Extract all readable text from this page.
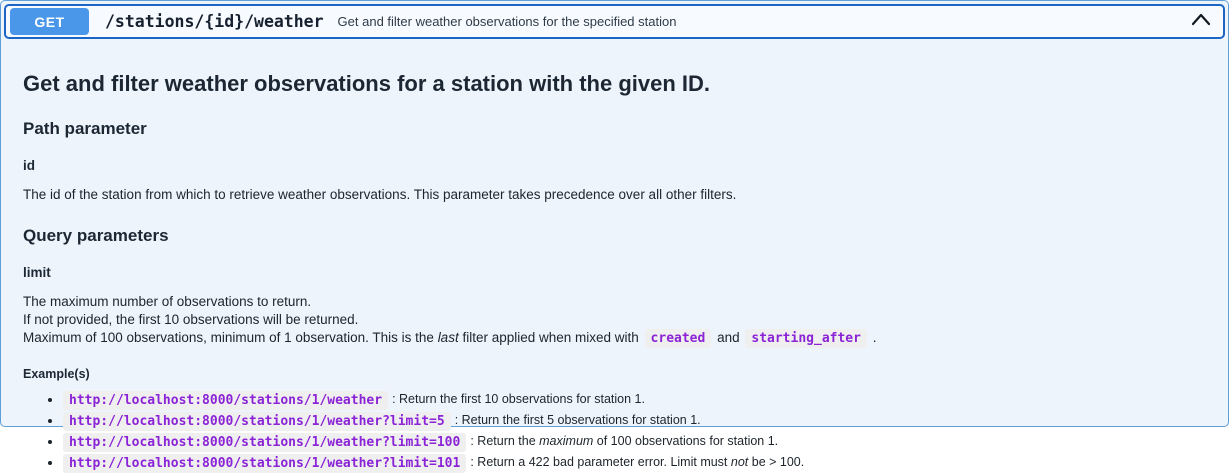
GET	/stations/{id}/weather Get and filter weather observations for the specified station
Get and filter weather observations for a station with the given ID.
Path parameter
id

The id of the station from which to retrieve weather observations. This parameter takes precedence over all other filters.

Query parameters
limit
The maximum number of observations to return.
If not provided, the first 10 observations will be returned.
Maximum of 100 observations, minimum of 1 observation. This is the last filter applied when mixed with created and starting_after .
Example(s)
http://localhost:8000/stations/1/weather : Return the first 10 observations for station 1.
http://localhost:8000/stations/1/weather?limit=5 : Return the first 5 observations for station 1.
http://localhost:8000/stations/1/weather?limit=100 : Return the maximum of 100 observations for station 1.
http://localhost:8000/stations/1/weather?limit=101 : Return a 422 bad parameter error. Limit must not be > 100.
